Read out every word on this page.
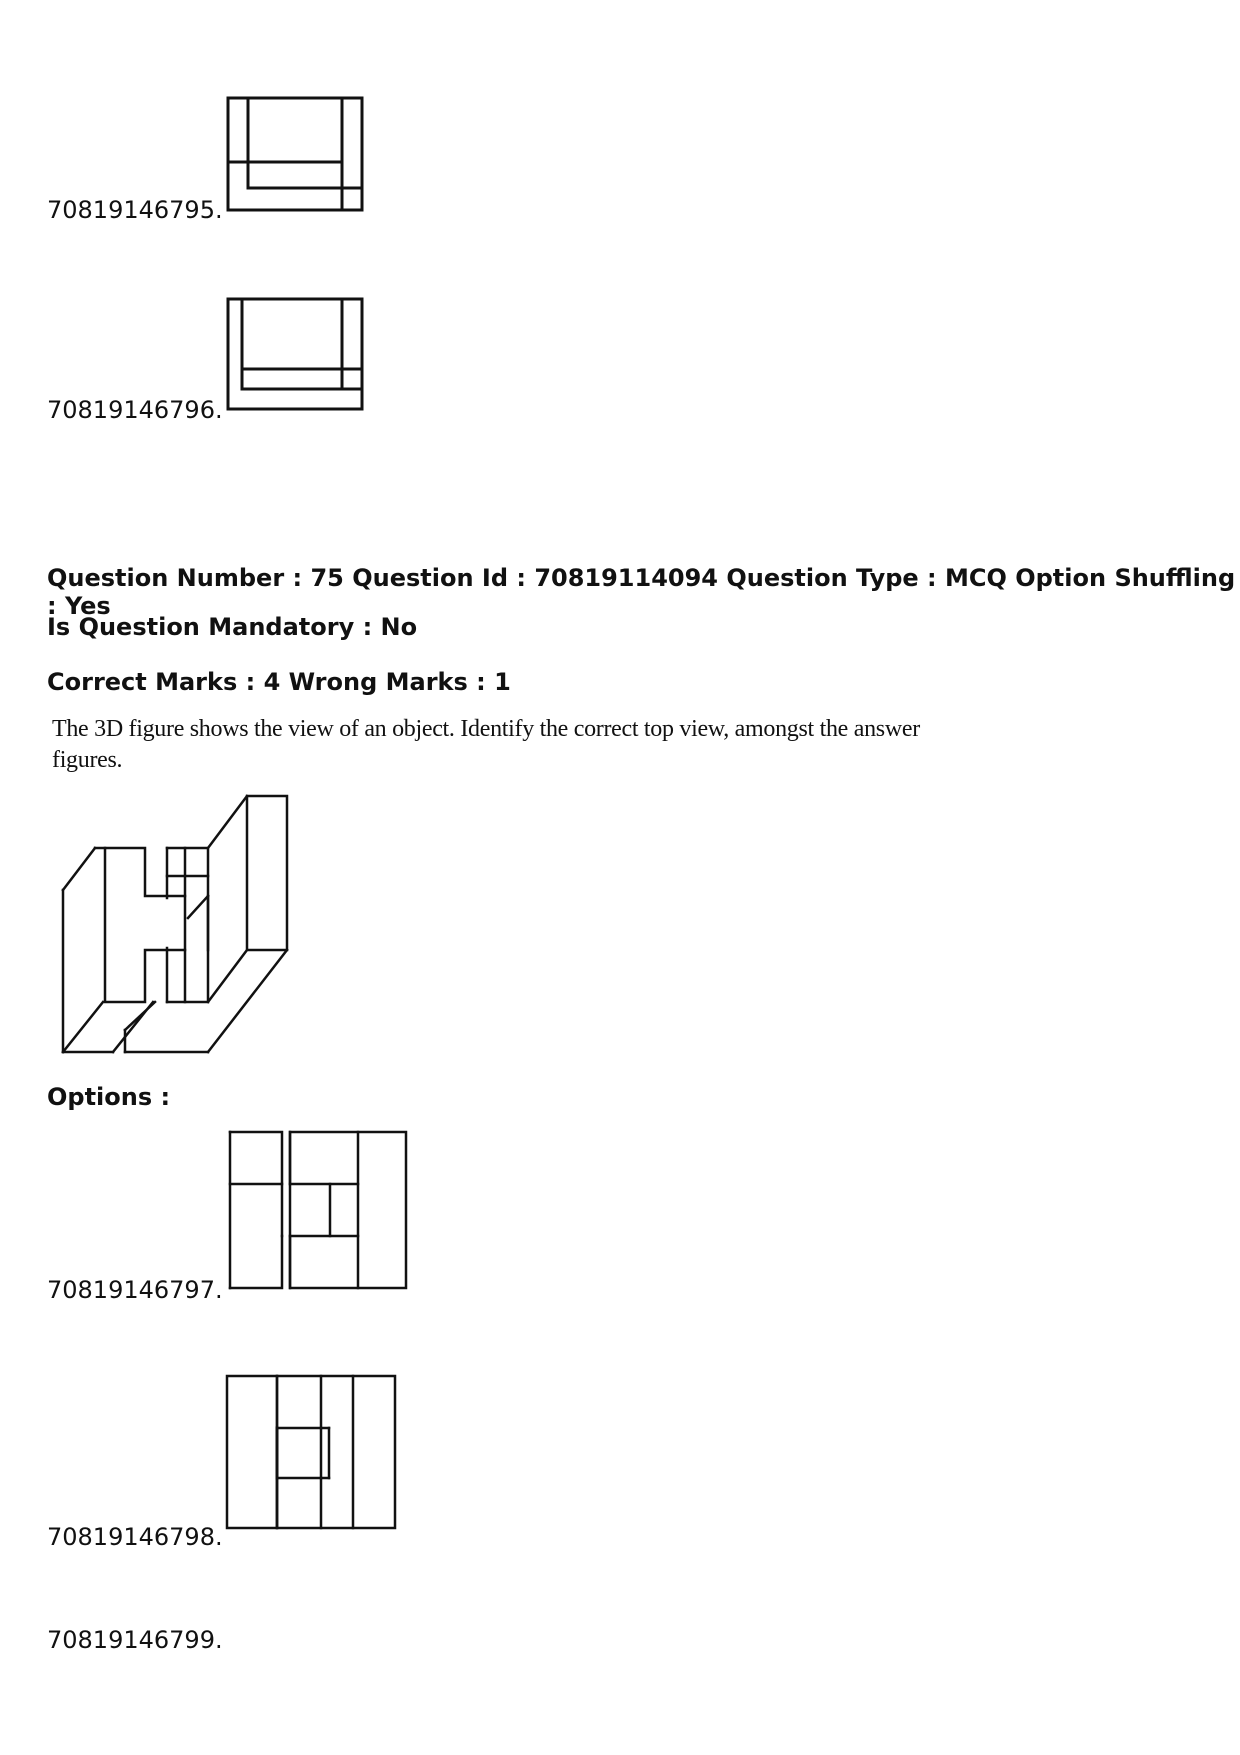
70819146795.
70819146796.
Question Number : 75 Question Id : 70819114094 Question Type : MCQ Option Shuffling : Yes
Is Question Mandatory : No
Correct Marks : 4 Wrong Marks : 1
The 3D figure shows the view of an object. Identify the correct top view, amongst the answer
figures.
Options :
70819146797.
70819146798.
70819146799.
